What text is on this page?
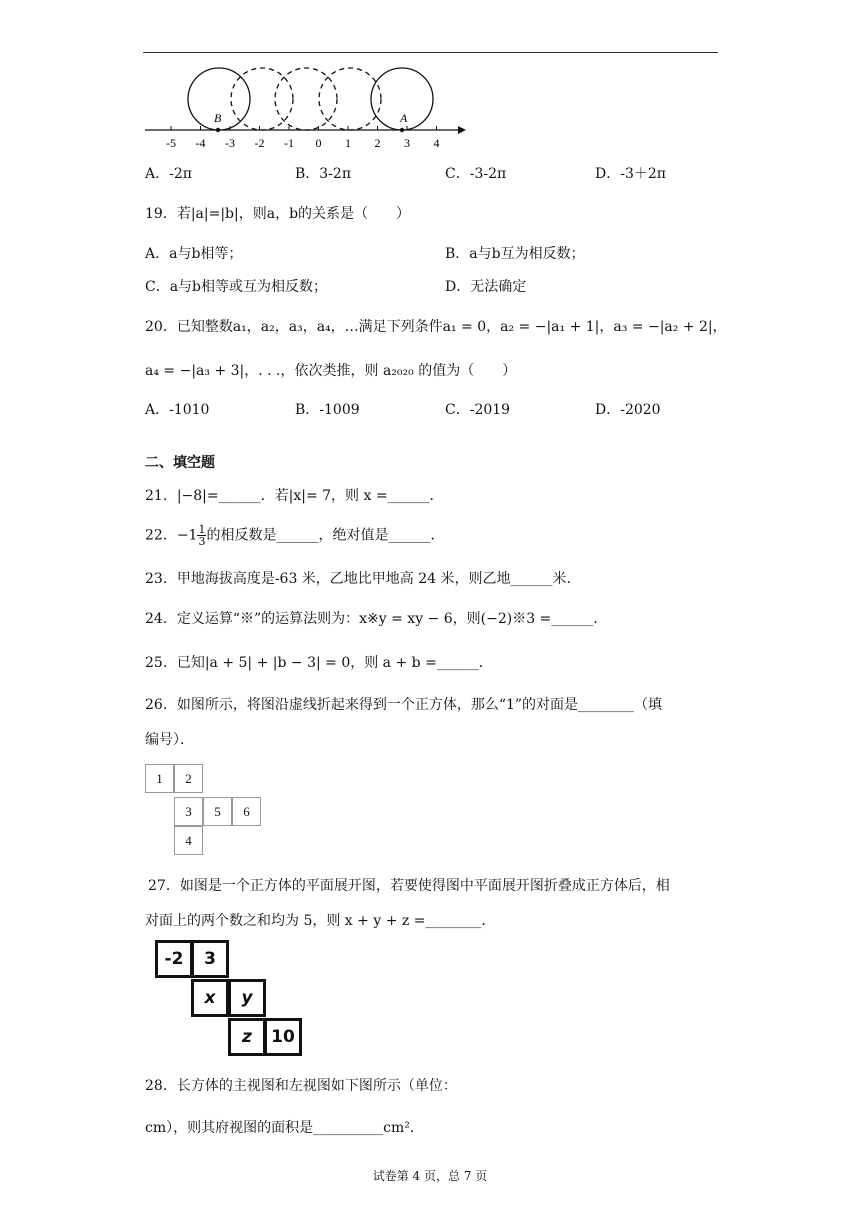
-5 -4 -3 -2 -1 0 1 2 3 4
B	A
A．-2π	B．3-2π	C．-3-2π	D．-3＋2π
19．若|a|=|b|，则a，b的关系是（　　）
A．a与b相等；	B．a与b互为相反数；
C．a与b相等或互为相反数；	D．无法确定
20．已知整数a₁，a₂，a₃，a₄，…满足下列条件a₁ = 0，a₂ = −|a₁ + 1|，a₃ = −|a₂ + 2|，
a₄ = −|a₃ + 3|，. . .，依次类推，则 a₂₀₂₀ 的值为（　　）
A．-1010	B．-1009	C．-2019	D．-2020
二、填空题
21．|−8|=______．若|x|= 7，则 x =______．
22．$-1 \frac{1}{3}$ 的相反数是______，绝对值是______．
23．甲地海拔高度是-63 米，乙地比甲地高 24 米，则乙地______米．
24．定义运算“※”的运算法则为：x※y = xy − 6，则(−2)※3 =______．
25．已知|a + 5| + |b − 3| = 0，则 a + b =______．
26．如图所示，将图沿虚线折起来得到一个正方体，那么“1”的对面是________（填
编号）．
1	2
3	5	6
4
27．如图是一个正方体的平面展开图，若要使得图中平面展开图折叠成正方体后，相
对面上的两个数之和均为 5，则 x + y + z =________．
-2	3
x	y
z	10
28．长方体的主视图和左视图如下图所示（单位：
cm），则其府视图的面积是__________cm²．
试卷第 4 页，总 7 页
